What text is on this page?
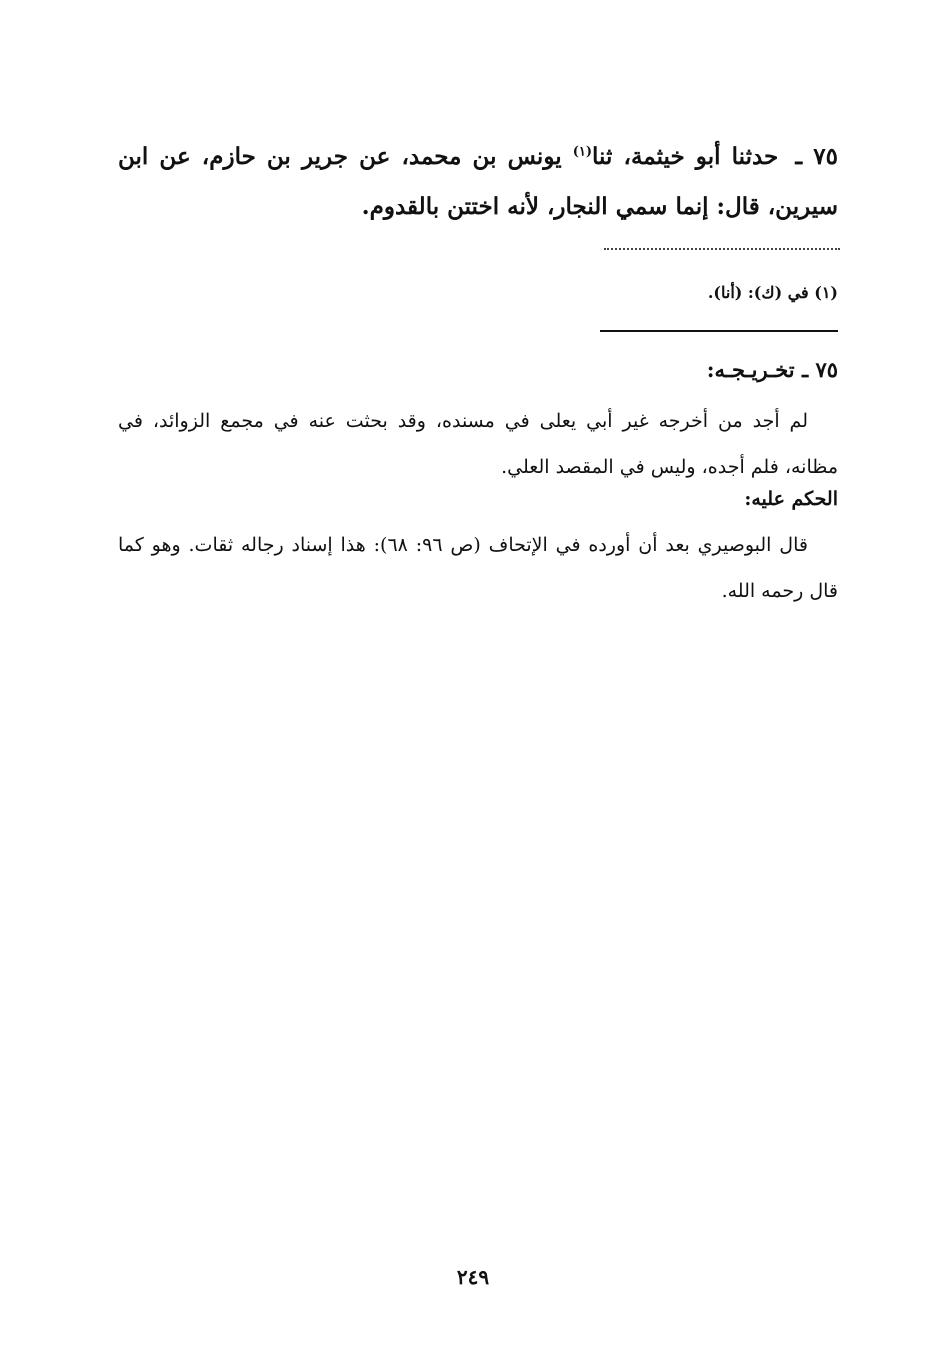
٧٥ ـ حدثنا أبو خيثمة، ثنا$^{(١)}$ يونس بن محمد، عن جرير بن حازم، عن ابن سيرين، قال: إنما سمي النجار، لأنه اختتن بالقدوم.
(١) في (ك): (أنا).
٧٥ ـ تخـريـجـه:
لم أجد من أخرجه غير أبي يعلى في مسنده، وقد بحثت عنه في مجمع الزوائد، في مظانه، فلم أجده، وليس في المقصد العلي.
الحكم عليه:
قال البوصيري بعد أن أورده في الإتحاف (ص ٩٦: ٦٨): هذا إسناد رجاله ثقات. وهو كما قال رحمه الله.
٢٤٩
